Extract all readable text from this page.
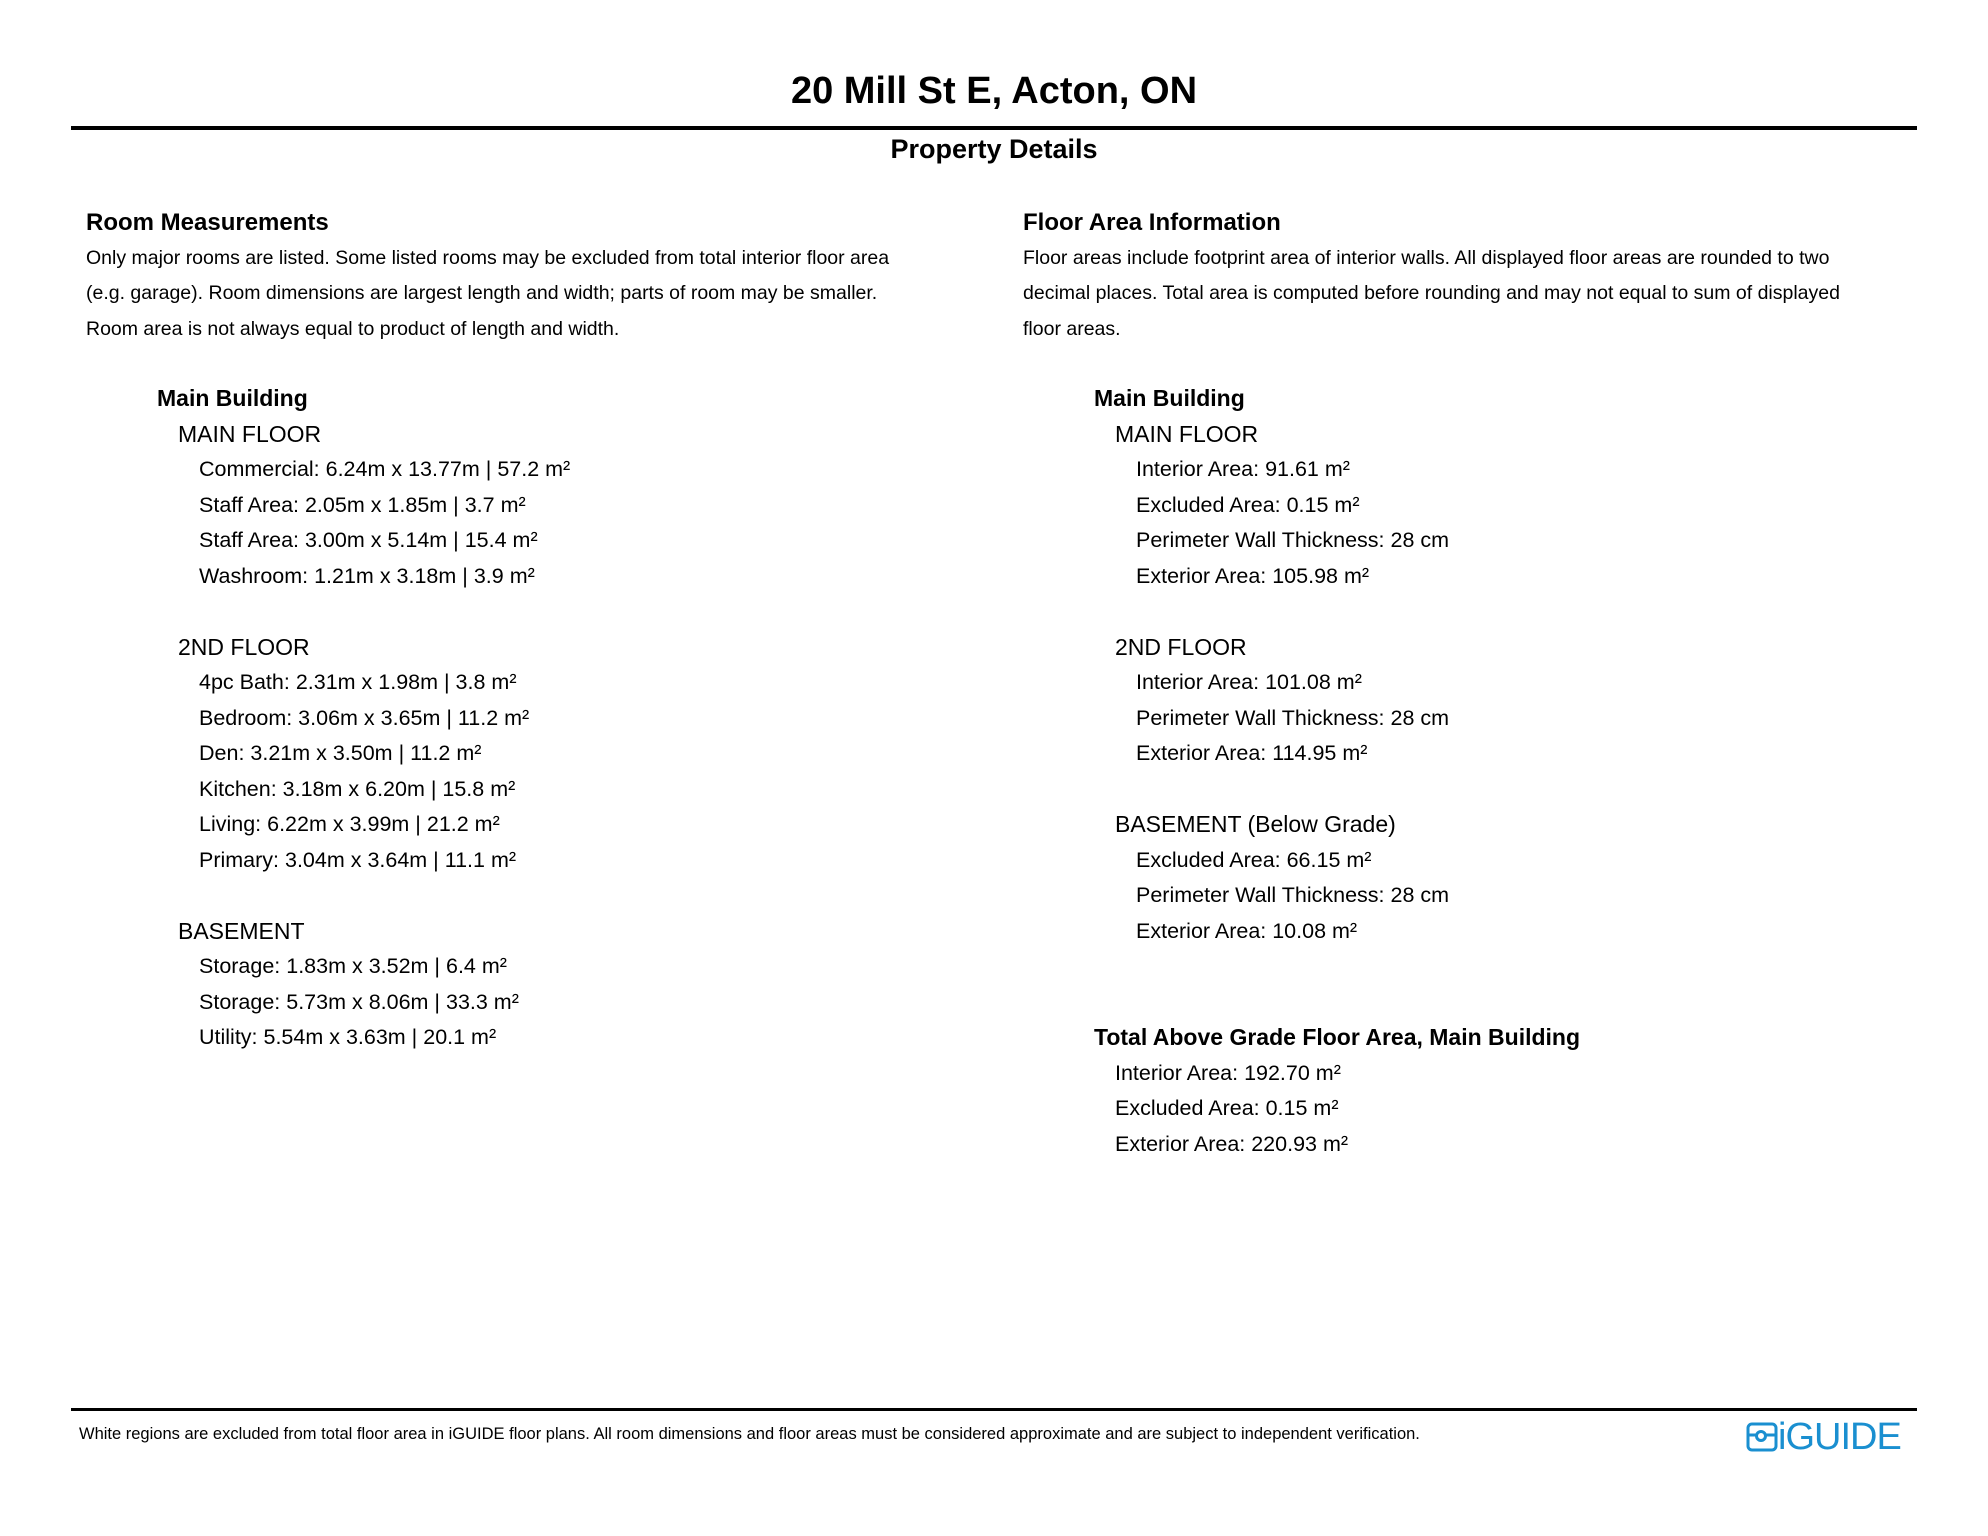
20 Mill St E, Acton, ON
Property Details
Room Measurements
Only major rooms are listed. Some listed rooms may be excluded from total interior floor area
(e.g. garage). Room dimensions are largest length and width; parts of room may be smaller.
Room area is not always equal to product of length and width.
Main Building
MAIN FLOOR
Commercial: 6.24m x 13.77m | 57.2 m²
Staff Area: 2.05m x 1.85m | 3.7 m²
Staff Area: 3.00m x 5.14m | 15.4 m²
Washroom: 1.21m x 3.18m | 3.9 m²
2ND FLOOR
4pc Bath: 2.31m x 1.98m | 3.8 m²
Bedroom: 3.06m x 3.65m | 11.2 m²
Den: 3.21m x 3.50m | 11.2 m²
Kitchen: 3.18m x 6.20m | 15.8 m²
Living: 6.22m x 3.99m | 21.2 m²
Primary: 3.04m x 3.64m | 11.1 m²
BASEMENT
Storage: 1.83m x 3.52m | 6.4 m²
Storage: 5.73m x 8.06m | 33.3 m²
Utility: 5.54m x 3.63m | 20.1 m²
Floor Area Information
Floor areas include footprint area of interior walls. All displayed floor areas are rounded to two
decimal places. Total area is computed before rounding and may not equal to sum of displayed
floor areas.
Main Building
MAIN FLOOR
Interior Area: 91.61 m²
Excluded Area: 0.15 m²
Perimeter Wall Thickness: 28 cm
Exterior Area: 105.98 m²
2ND FLOOR
Interior Area: 101.08 m²
Perimeter Wall Thickness: 28 cm
Exterior Area: 114.95 m²
BASEMENT (Below Grade)
Excluded Area: 66.15 m²
Perimeter Wall Thickness: 28 cm
Exterior Area: 10.08 m²
Total Above Grade Floor Area, Main Building
Interior Area: 192.70 m²
Excluded Area: 0.15 m²
Exterior Area: 220.93 m²
White regions are excluded from total floor area in iGUIDE floor plans. All room dimensions and floor areas must be considered approximate and are subject to independent verification.	iGUIDE
